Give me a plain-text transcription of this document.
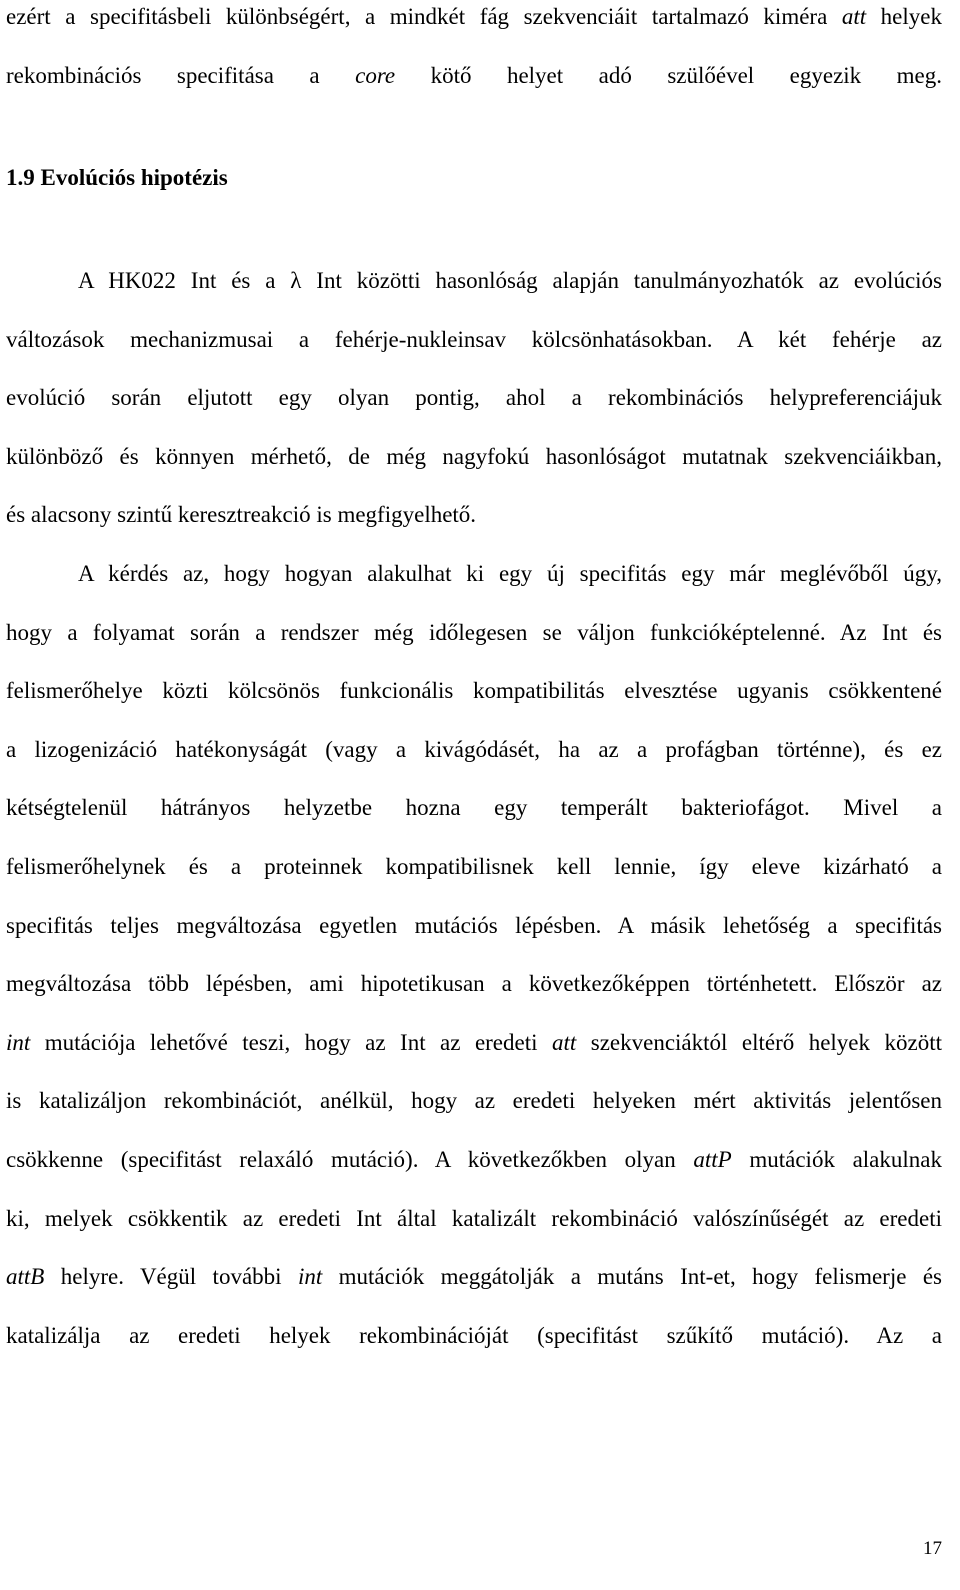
ezért a specifitásbeli különbségért, a mindkét fág szekvenciáit tartalmazó kiméra att helyek
rekombinációs specifitása a core kötő helyet adó szülőével egyezik meg.
1.9 Evolúciós hipotézis
A HK022 Int és a λ Int közötti hasonlóság alapján tanulmányozhatók az evolúciós
változások mechanizmusai a fehérje-nukleinsav kölcsönhatásokban. A két fehérje az
evolúció során eljutott egy olyan pontig, ahol a rekombinációs helypreferenciájuk
különböző és könnyen mérhető, de még nagyfokú hasonlóságot mutatnak szekvenciáikban,
és alacsony szintű keresztreakció is megfigyelhető.
A kérdés az, hogy hogyan alakulhat ki egy új specifitás egy már meglévőből úgy,
hogy a folyamat során a rendszer még időlegesen se váljon funkcióképtelenné. Az Int és
felismerőhelye közti kölcsönös funkcionális kompatibilitás elvesztése ugyanis csökkentené
a lizogenizáció hatékonyságát (vagy a kivágódásét, ha az a profágban történne), és ez
kétségtelenül hátrányos helyzetbe hozna egy temperált bakteriofágot. Mivel a
felismerőhelynek és a proteinnek kompatibilisnek kell lennie, így eleve kizárható a
specifitás teljes megváltozása egyetlen mutációs lépésben. A másik lehetőség a specifitás
megváltozása több lépésben, ami hipotetikusan a következőképpen történhetett. Először az
int mutációja lehetővé teszi, hogy az Int az eredeti att szekvenciáktól eltérő helyek között
is katalizáljon rekombinációt, anélkül, hogy az eredeti helyeken mért aktivitás jelentősen
csökkenne (specifitást relaxáló mutáció). A következőkben olyan attP mutációk alakulnak
ki, melyek csökkentik az eredeti Int által katalizált rekombináció valószínűségét az eredeti
attB helyre. Végül további int mutációk meggátolják a mutáns Int-et, hogy felismerje és
katalizálja az eredeti helyek rekombinációját (specifitást szűkítő mutáció). Az a
17
